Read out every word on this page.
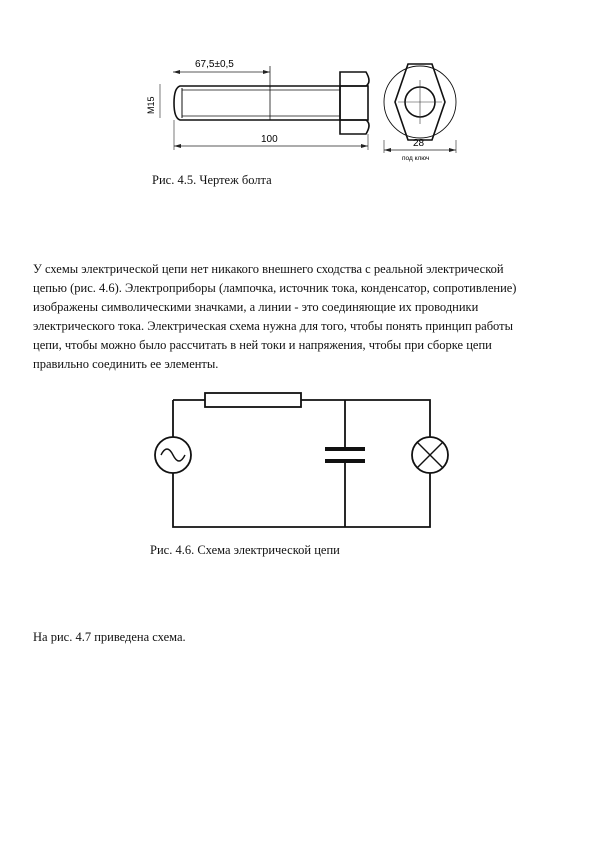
67,5±0,5
M15
100	28
под ключ
Рис. 4.5. Чертеж болта
У схемы электрической цепи нет никакого внешнего сходства с реальной электрической
цепью (рис. 4.6). Электроприборы (лампочка, источник тока, конденсатор, сопротивление)
изображены символическими значками, а линии - это соединяющие их проводники
электрического тока. Электрическая схема нужна для того, чтобы понять принцип работы
цепи, чтобы можно было рассчитать в ней токи и напряжения, чтобы при сборке цепи
правильно соединить ее элементы.
Рис. 4.6. Схема электрической цепи
На рис. 4.7 приведена схема.
